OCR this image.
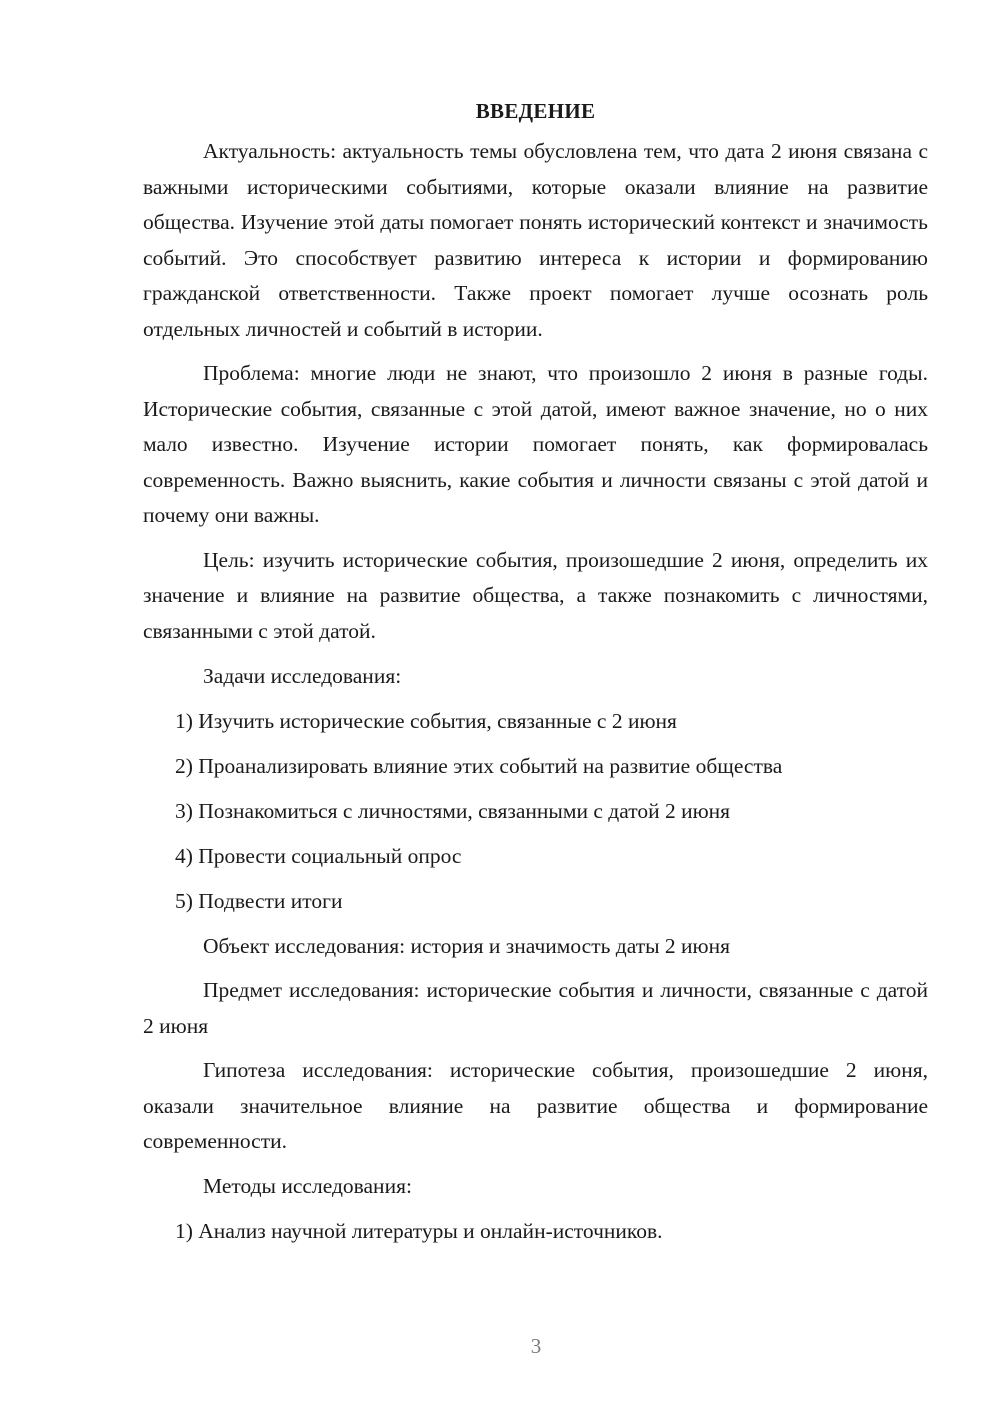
ВВЕДЕНИЕ

Актуальность: актуальность темы обусловлена тем, что дата 2 июня связана с важными историческими событиями, которые оказали влияние на развитие общества. Изучение этой даты помогает понять исторический контекст и значимость событий. Это способствует развитию интереса к истории и формированию гражданской ответственности. Также проект помогает лучше осознать роль отдельных личностей и событий в истории.

Проблема: многие люди не знают, что произошло 2 июня в разные годы. Исторические события, связанные с этой датой, имеют важное значение, но о них мало известно. Изучение истории помогает понять, как формировалась современность. Важно выяснить, какие события и личности связаны с этой датой и почему они важны.

Цель: изучить исторические события, произошедшие 2 июня, определить их значение и влияние на развитие общества, а также познакомить с личностями, связанными с этой датой.

Задачи исследования:

1) Изучить исторические события, связанные с 2 июня

2) Проанализировать влияние этих событий на развитие общества

3) Познакомиться с личностями, связанными с датой 2 июня

4) Провести социальный опрос

5) Подвести итоги

Объект исследования: история и значимость даты 2 июня

Предмет исследования: исторические события и личности, связанные с датой 2 июня

Гипотеза исследования: исторические события, произошедшие 2 июня, оказали значительное влияние на развитие общества и формирование современности.

Методы исследования:

1) Анализ научной литературы и онлайн-источников.

3
